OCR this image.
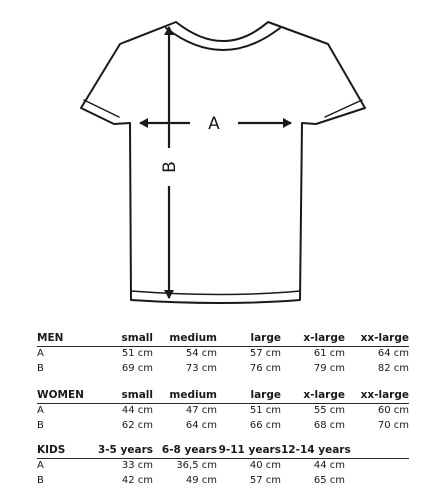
A
B
MEN	small	medium	large	x-large	xx-large
A	51 cm	54 cm	57 cm	61 cm	64 cm
B	69 cm	73 cm	76 cm	79 cm	82 cm
WOMEN	small	medium	large	x-large	xx-large
A	44 cm	47 cm	51 cm	55 cm	60 cm
B	62 cm	64 cm	66 cm	68 cm	70 cm
KIDS	3-5 years	6-8 years	9-11 years	12-14 years	
A	33 cm	36,5 cm	40 cm	44 cm	
B	42 cm	49 cm	57 cm	65 cm	
